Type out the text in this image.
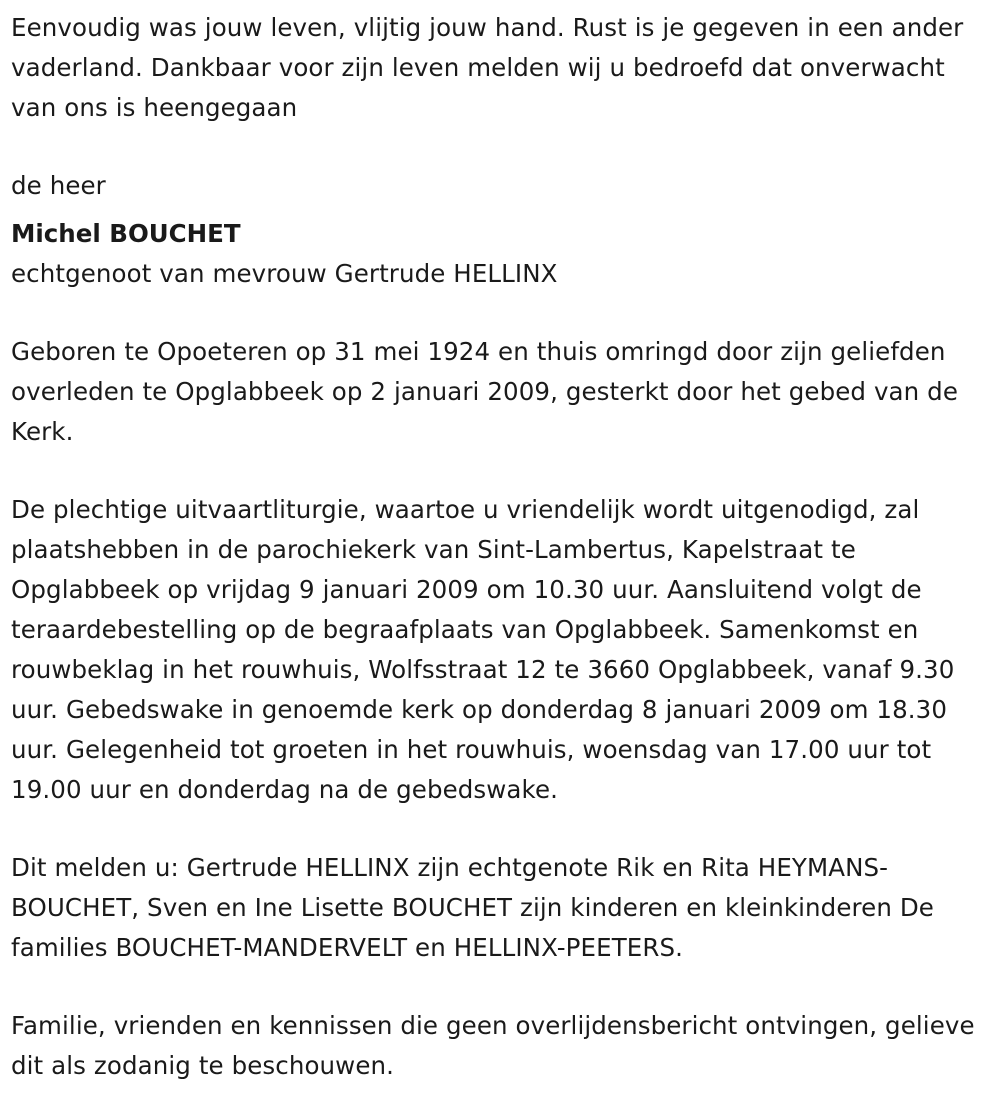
Eenvoudig was jouw leven, vlijtig jouw hand. Rust is je gegeven in een ander vaderland. Dankbaar voor zijn leven melden wij u bedroefd dat onverwacht van ons is heengegaan

de heer

Michel BOUCHET

echtgenoot van mevrouw Gertrude HELLINX

Geboren te Opoeteren op 31 mei 1924 en thuis omringd door zijn geliefden overleden te Opglabbeek op 2 januari 2009, gesterkt door het gebed van de Kerk.

De plechtige uitvaartliturgie, waartoe u vriendelijk wordt uitgenodigd, zal plaatshebben in de parochiekerk van Sint-Lambertus, Kapelstraat te Opglabbeek op vrijdag 9 januari 2009 om 10.30 uur. Aansluitend volgt de teraardebestelling op de begraafplaats van Opglabbeek. Samenkomst en rouwbeklag in het rouwhuis, Wolfsstraat 12 te 3660 Opglabbeek, vanaf 9.30 uur. Gebedswake in genoemde kerk op donderdag 8 januari 2009 om 18.30 uur. Gelegenheid tot groeten in het rouwhuis, woensdag van 17.00 uur tot 19.00 uur en donderdag na de gebedswake.

Dit melden u: Gertrude HELLINX zijn echtgenote Rik en Rita HEYMANS-BOUCHET, Sven en Ine Lisette BOUCHET zijn kinderen en kleinkinderen De families BOUCHET-MANDERVELT en HELLINX-PEETERS.

Familie, vrienden en kennissen die geen overlijdensbericht ontvingen, gelieve dit als zodanig te beschouwen.
